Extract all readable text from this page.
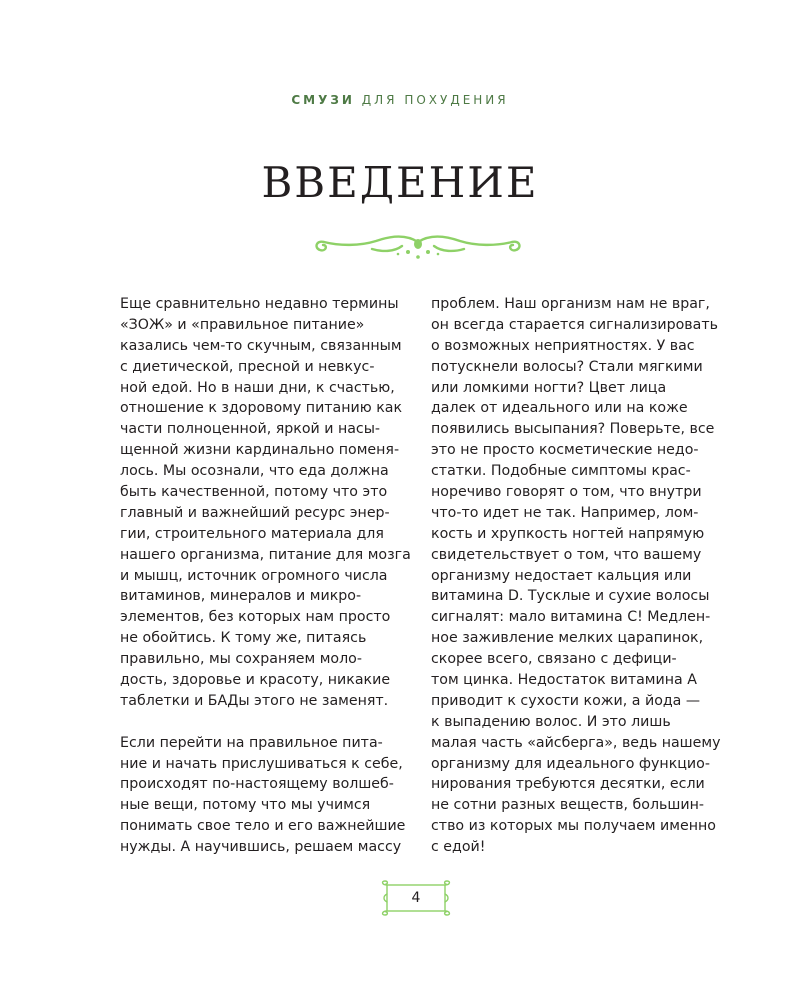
СМУЗИ ДЛЯ ПОХУДЕНИЯ
ВВЕДЕНИЕ
Еще сравнительно недавно термины
«ЗОЖ» и «правильное питание»
казались чем-то скучным, связанным
с диетической, пресной и невкус-
ной едой. Но в наши дни, к счастью,
отношение к здоровому питанию как
части полноценной, яркой и насы-
щенной жизни кардинально поменя-
лось. Мы осознали, что еда должна
быть качественной, потому что это
главный и важнейший ресурс энер-
гии, строительного материала для
нашего организма, питание для мозга
и мышц, источник огромного числа
витаминов, минералов и микро-
элементов, без которых нам просто
не обойтись. К тому же, питаясь
правильно, мы сохраняем моло-
дость, здоровье и красоту, никакие
таблетки и БАДы этого не заменят.
Если перейти на правильное пита-
ние и начать прислушиваться к себе,
происходят по-настоящему волшеб-
ные вещи, потому что мы учимся
понимать свое тело и его важнейшие
нужды. А научившись, решаем массу
проблем. Наш организм нам не враг,
он всегда старается сигнализировать
о возможных неприятностях. У вас
потускнели волосы? Стали мягкими
или ломкими ногти? Цвет лица
далек от идеального или на коже
появились высыпания? Поверьте, все
это не просто косметические недо-
статки. Подобные симптомы крас-
норечиво говорят о том, что внутри
что-то идет не так. Например, лом-
кость и хрупкость ногтей напрямую
свидетельствует о том, что вашему
организму недостает кальция или
витамина D. Тусклые и сухие волосы
сигналят: мало витамина C! Медлен-
ное заживление мелких царапинок,
скорее всего, связано с дефици-
том цинка. Недостаток витамина A
приводит к сухости кожи, а йода —
к выпадению волос. И это лишь
малая часть «айсберга», ведь нашему
организму для идеального функцио-
нирования требуются десятки, если
не сотни разных веществ, большин-
ство из которых мы получаем именно
с едой!
4
